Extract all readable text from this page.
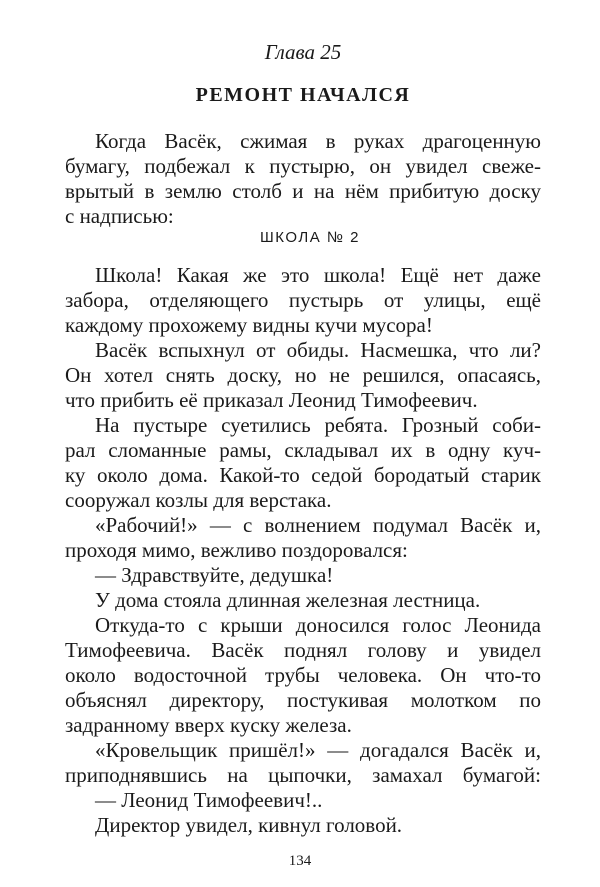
Глава 25
РЕМОНТ НАЧАЛСЯ
Когда Васёк, сжимая в руках драгоценную
бумагу, подбежал к пустырю, он увидел свеже-
врытый в землю столб и на нём прибитую доску
с надписью:
ШКОЛА № 2
Школа! Какая же это школа! Ещё нет даже
забора, отделяющего пустырь от улицы, ещё
каждому прохожему видны кучи мусора!
Васёк вспыхнул от обиды. Насмешка, что ли?
Он хотел снять доску, но не решился, опасаясь,
что прибить её приказал Леонид Тимофеевич.
На пустыре суетились ребята. Грозный соби-
рал сломанные рамы, складывал их в одну куч-
ку около дома. Какой-то седой бородатый старик
сооружал козлы для верстака.
«Рабочий!» — с волнением подумал Васёк и,
проходя мимо, вежливо поздоровался:
— Здравствуйте, дедушка!
У дома стояла длинная железная лестница.
Откуда-то с крыши доносился голос Леонида
Тимофеевича. Васёк поднял голову и увидел
около водосточной трубы человека. Он что-то
объяснял директору, постукивая молотком по
задранному вверх куску железа.
«Кровельщик пришёл!» — догадался Васёк и,
приподнявшись на цыпочки, замахал бумагой:
— Леонид Тимофеевич!..
Директор увидел, кивнул головой.
134
